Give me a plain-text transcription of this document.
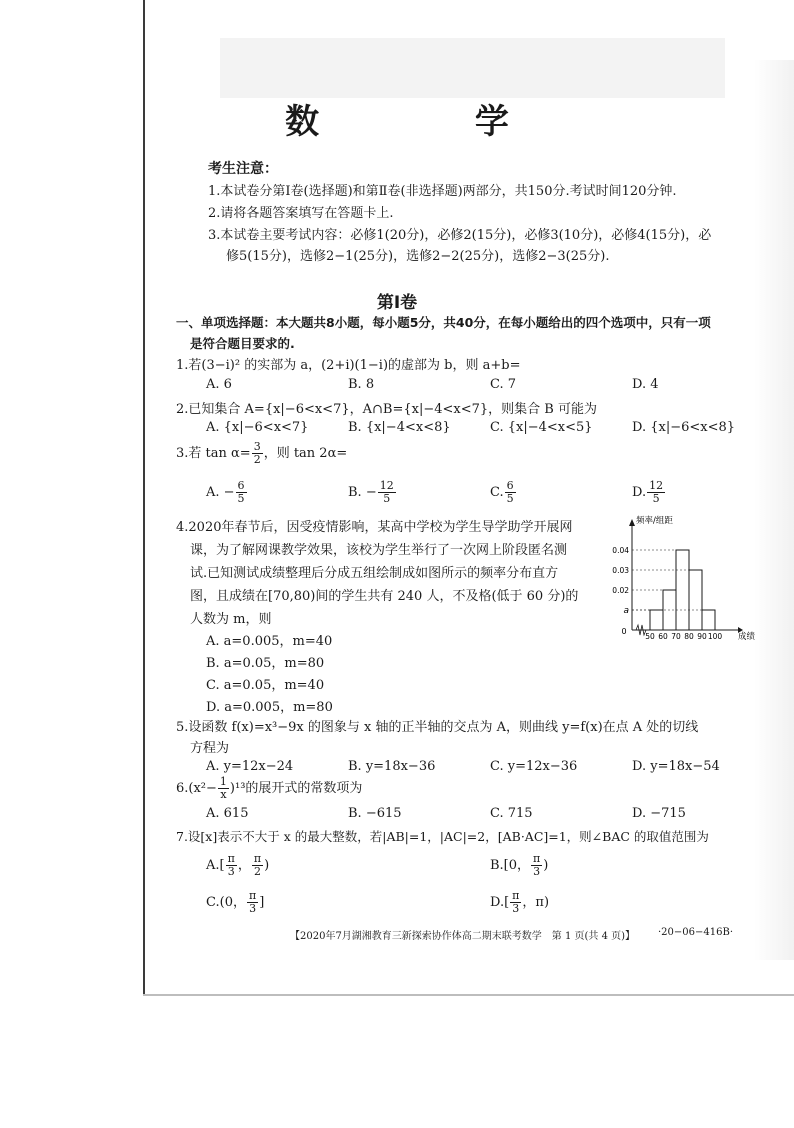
数 学
考生注意：
1.本试卷分第Ⅰ卷(选择题)和第Ⅱ卷(非选择题)两部分，共150分.考试时间120分钟.
2.请将各题答案填写在答题卡上.
3.本试卷主要考试内容：必修1(20分)，必修2(15分)，必修3(10分)，必修4(15分)，必
修5(15分)，选修2−1(25分)，选修2−2(25分)，选修2−3(25分).
第Ⅰ卷
一、单项选择题：本大题共8小题，每小题5分，共40分，在每小题给出的四个选项中，只有一项
是符合题目要求的.
1.若(3−i)² 的实部为 a，(2+i)(1−i)的虚部为 b，则 a+b=
A. 6	B. 8	C. 7	D. 4
2.已知集合 A={x|−6<x<7}，A∩B={x|−4<x<7}，则集合 B 可能为
A. {x|−6<x<7}	B. {x|−4<x<8}	C. {x|−4<x<5}	D. {x|−6<x<8}
3.若 $\tan \alpha= \frac{3}{2}$ ，则 tan 2α=
A. − $\frac{6}{5}$	B. − $\frac{12}{5}$	C. $\frac{6}{5}$	D. $\frac{12}{5}$
4.2020年春节后，因受疫情影响，某高中学校为学生导学助学开展网
课，为了解网课教学效果，该校为学生举行了一次网上阶段匿名测
试.已知测试成绩整理后分成五组绘制成如图所示的频率分布直方
图，且成绩在[70,80)间的学生共有 240 人，不及格(低于 60 分)的
人数为 m，则
A. a=0.005，m=40
B. a=0.05，m=80
C. a=0.05，m=40
D. a=0.005，m=80
a
0.02
0.03
0.04
0
50 60 70 80 90 100
频率/组距
成绩
5.设函数 f(x)=x³−9x 的图象与 x 轴的正半轴的交点为 A，则曲线 y=f(x)在点 A 处的切线
方程为
A. y=12x−24	B. y=18x−36	C. y=12x−36	D. y=18x−54
$6.(x^2- \frac{1}{x} )^{13}$的展开式的常数项为
A. 615	B. −615	C. 715	D. −715
7.设[x]表示不大于 x 的最大整数，若|AB|=1，|AC|=2，[AB·AC]=1，则∠BAC 的取值范围为
$A.[ \frac{\pi}{3}$ ， $\frac{\pi}{2}$ )	B.[0， $\frac{\pi}{3}$ )
C.(0， $\frac{\pi}{3}$ ]	$D.[ \frac{\pi}{3}$ ，π)
【2020年7月湖湘教育三新探索协作体高二期末联考数学　第 1 页(共 4 页)】 ·20−06−416B·
